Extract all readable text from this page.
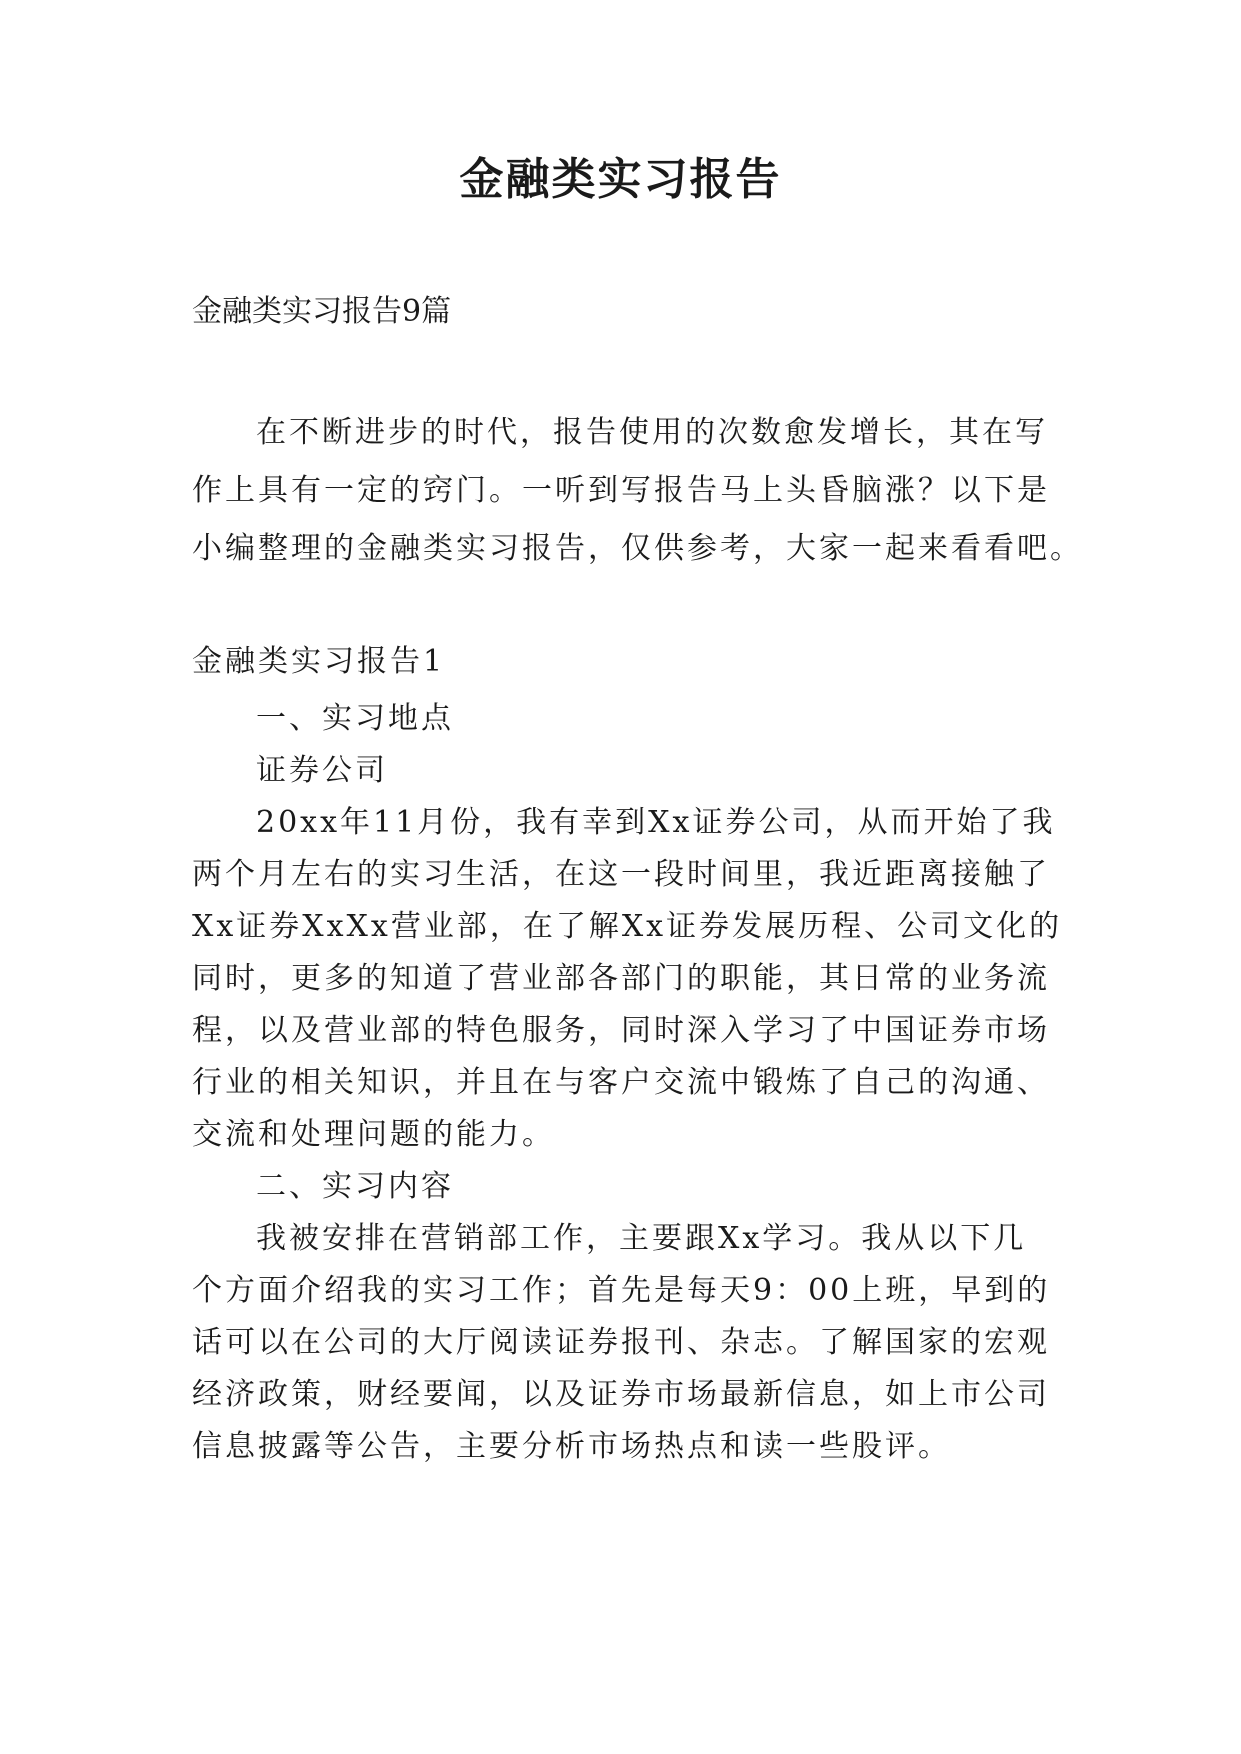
金融类实习报告

金融类实习报告9篇

在不断进步的时代，报告使用的次数愈发增长，其在写
作上具有一定的窍门。一听到写报告马上头昏脑涨？以下是
小编整理的金融类实习报告，仅供参考，大家一起来看看吧。

金融类实习报告1

一、实习地点
证券公司
20xx年11月份，我有幸到Xx证券公司，从而开始了我
两个月左右的实习生活，在这一段时间里，我近距离接触了
Xx证券XxXx营业部，在了解Xx证券发展历程、公司文化的
同时，更多的知道了营业部各部门的职能，其日常的业务流
程，以及营业部的特色服务，同时深入学习了中国证券市场
行业的相关知识，并且在与客户交流中锻炼了自己的沟通、
交流和处理问题的能力。
二、实习内容
我被安排在营销部工作，主要跟Xx学习。我从以下几
个方面介绍我的实习工作；首先是每天9：00上班，早到的
话可以在公司的大厅阅读证券报刊、杂志。了解国家的宏观
经济政策，财经要闻，以及证券市场最新信息，如上市公司
信息披露等公告，主要分析市场热点和读一些股评。
